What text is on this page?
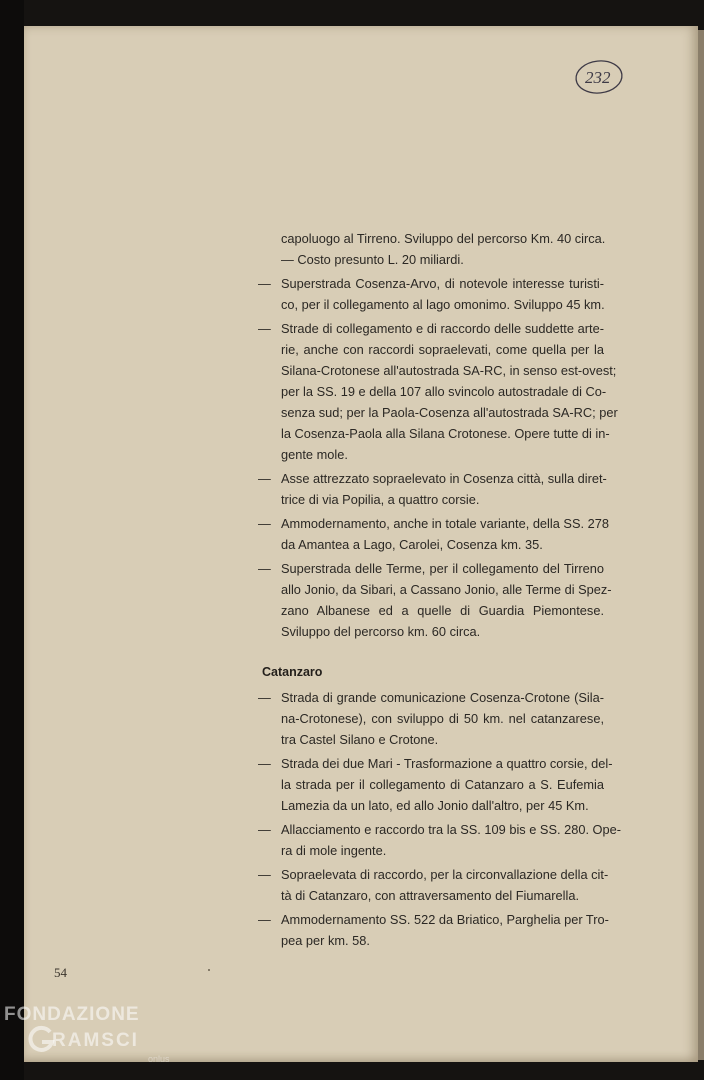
232
capoluogo al Tirreno. Sviluppo del percorso Km. 40 circa.
— Costo presunto L. 20 miliardi.
— Superstrada Cosenza-Arvo, di notevole interesse turisti-
co, per il collegamento al lago omonimo. Sviluppo 45 km.
— Strade di collegamento e di raccordo delle suddette arte-
rie, anche con raccordi sopraelevati, come quella per la
Silana-Crotonese all'autostrada SA-RC, in senso est-ovest;
per la SS. 19 e della 107 allo svincolo autostradale di Co-
senza sud; per la Paola-Cosenza all'autostrada SA-RC; per
la Cosenza-Paola alla Silana Crotonese. Opere tutte di in-
gente mole.
— Asse attrezzato sopraelevato in Cosenza città, sulla diret-
trice di via Popilia, a quattro corsie.
— Ammodernamento, anche in totale variante, della SS. 278
da Amantea a Lago, Carolei, Cosenza km. 35.
— Superstrada delle Terme, per il collegamento del Tirreno
allo Jonio, da Sibari, a Cassano Jonio, alle Terme di Spez-
zano Albanese ed a quelle di Guardia Piemontese.
Sviluppo del percorso km. 60 circa.
Catanzaro
— Strada di grande comunicazione Cosenza-Crotone (Sila-
na-Crotonese), con sviluppo di 50 km. nel catanzarese,
tra Castel Silano e Crotone.
— Strada dei due Mari - Trasformazione a quattro corsie, del-
la strada per il collegamento di Catanzaro a S. Eufemia
Lamezia da un lato, ed allo Jonio dall'altro, per 45 Km.
— Allacciamento e raccordo tra la SS. 109 bis e SS. 280. Ope-
ra di mole ingente.
— Sopraelevata di raccordo, per la circonvallazione della cit-
tà di Catanzaro, con attraversamento del Fiumarella.
— Ammodernamento SS. 522 da Briatico, Parghelia per Tro-
pea per km. 58.
54
FONDAZIONE
RAMSCI
onlus
